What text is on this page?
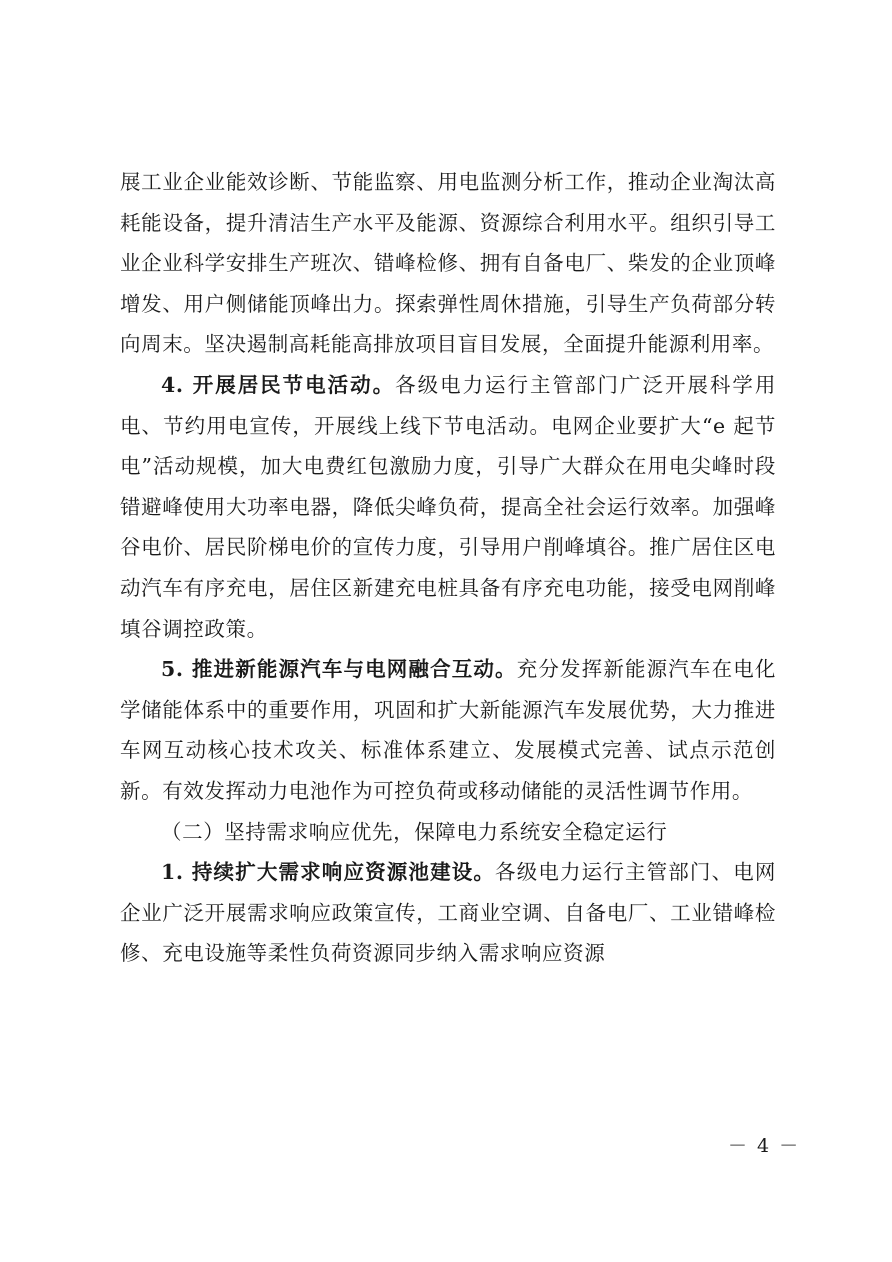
展工业企业能效诊断、节能监察、用电监测分析工作，推动企业淘汰高耗能设备，提升清洁生产水平及能源、资源综合利用水平。组织引导工业企业科学安排生产班次、错峰检修、拥有自备电厂、柴发的企业顶峰增发、用户侧储能顶峰出力。探索弹性周休措施，引导生产负荷部分转向周末。坚决遏制高耗能高排放项目盲目发展，全面提升能源利用率。

4. 开展居民节电活动。各级电力运行主管部门广泛开展科学用电、节约用电宣传，开展线上线下节电活动。电网企业要扩大“e 起节电”活动规模，加大电费红包激励力度，引导广大群众在用电尖峰时段错避峰使用大功率电器，降低尖峰负荷，提高全社会运行效率。加强峰谷电价、居民阶梯电价的宣传力度，引导用户削峰填谷。推广居住区电动汽车有序充电，居住区新建充电桩具备有序充电功能，接受电网削峰填谷调控政策。

5. 推进新能源汽车与电网融合互动。充分发挥新能源汽车在电化学储能体系中的重要作用，巩固和扩大新能源汽车发展优势，大力推进车网互动核心技术攻关、标准体系建立、发展模式完善、试点示范创新。有效发挥动力电池作为可控负荷或移动储能的灵活性调节作用。

（二）坚持需求响应优先，保障电力系统安全稳定运行

1. 持续扩大需求响应资源池建设。各级电力运行主管部门、电网企业广泛开展需求响应政策宣传，工商业空调、自备电厂、工业错峰检修、充电设施等柔性负荷资源同步纳入需求响应资源

－ 4 －
